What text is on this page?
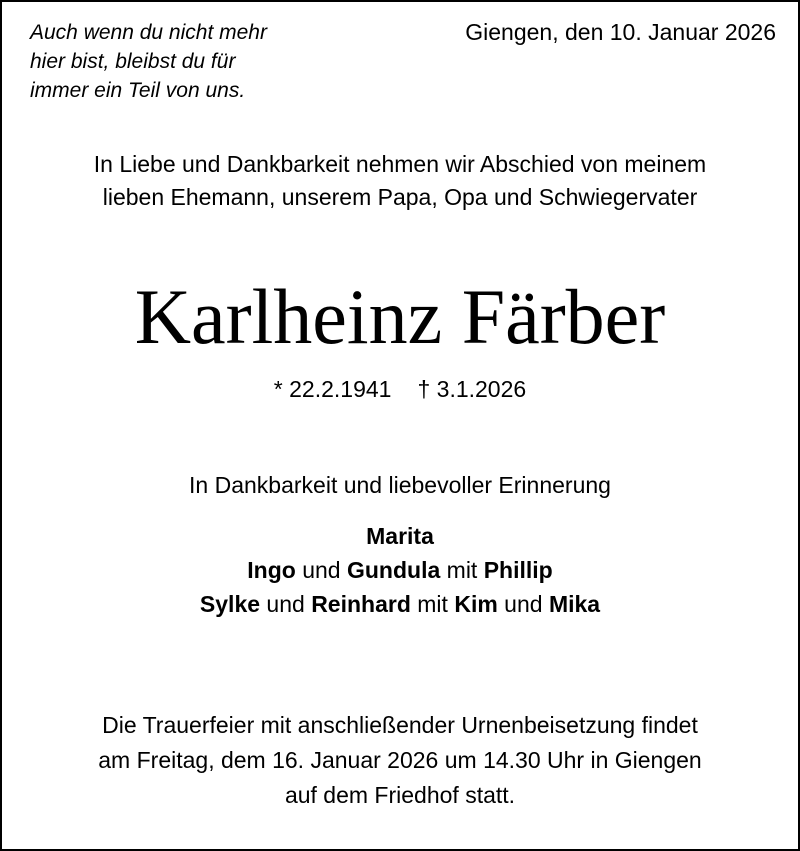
Auch wenn du nicht mehr
hier bist, bleibst du für
immer ein Teil von uns.
Giengen, den 10. Januar 2026
In Liebe und Dankbarkeit nehmen wir Abschied von meinem
lieben Ehemann, unserem Papa, Opa und Schwiegervater
Karlheinz Färber
* 22.2.1941 † 3.1.2026
In Dankbarkeit und liebevoller Erinnerung
Marita
Ingo und Gundula mit Phillip
Sylke und Reinhard mit Kim und Mika
Die Trauerfeier mit anschließender Urnenbeisetzung findet
am Freitag, dem 16. Januar 2026 um 14.30 Uhr in Giengen
auf dem Friedhof statt.
